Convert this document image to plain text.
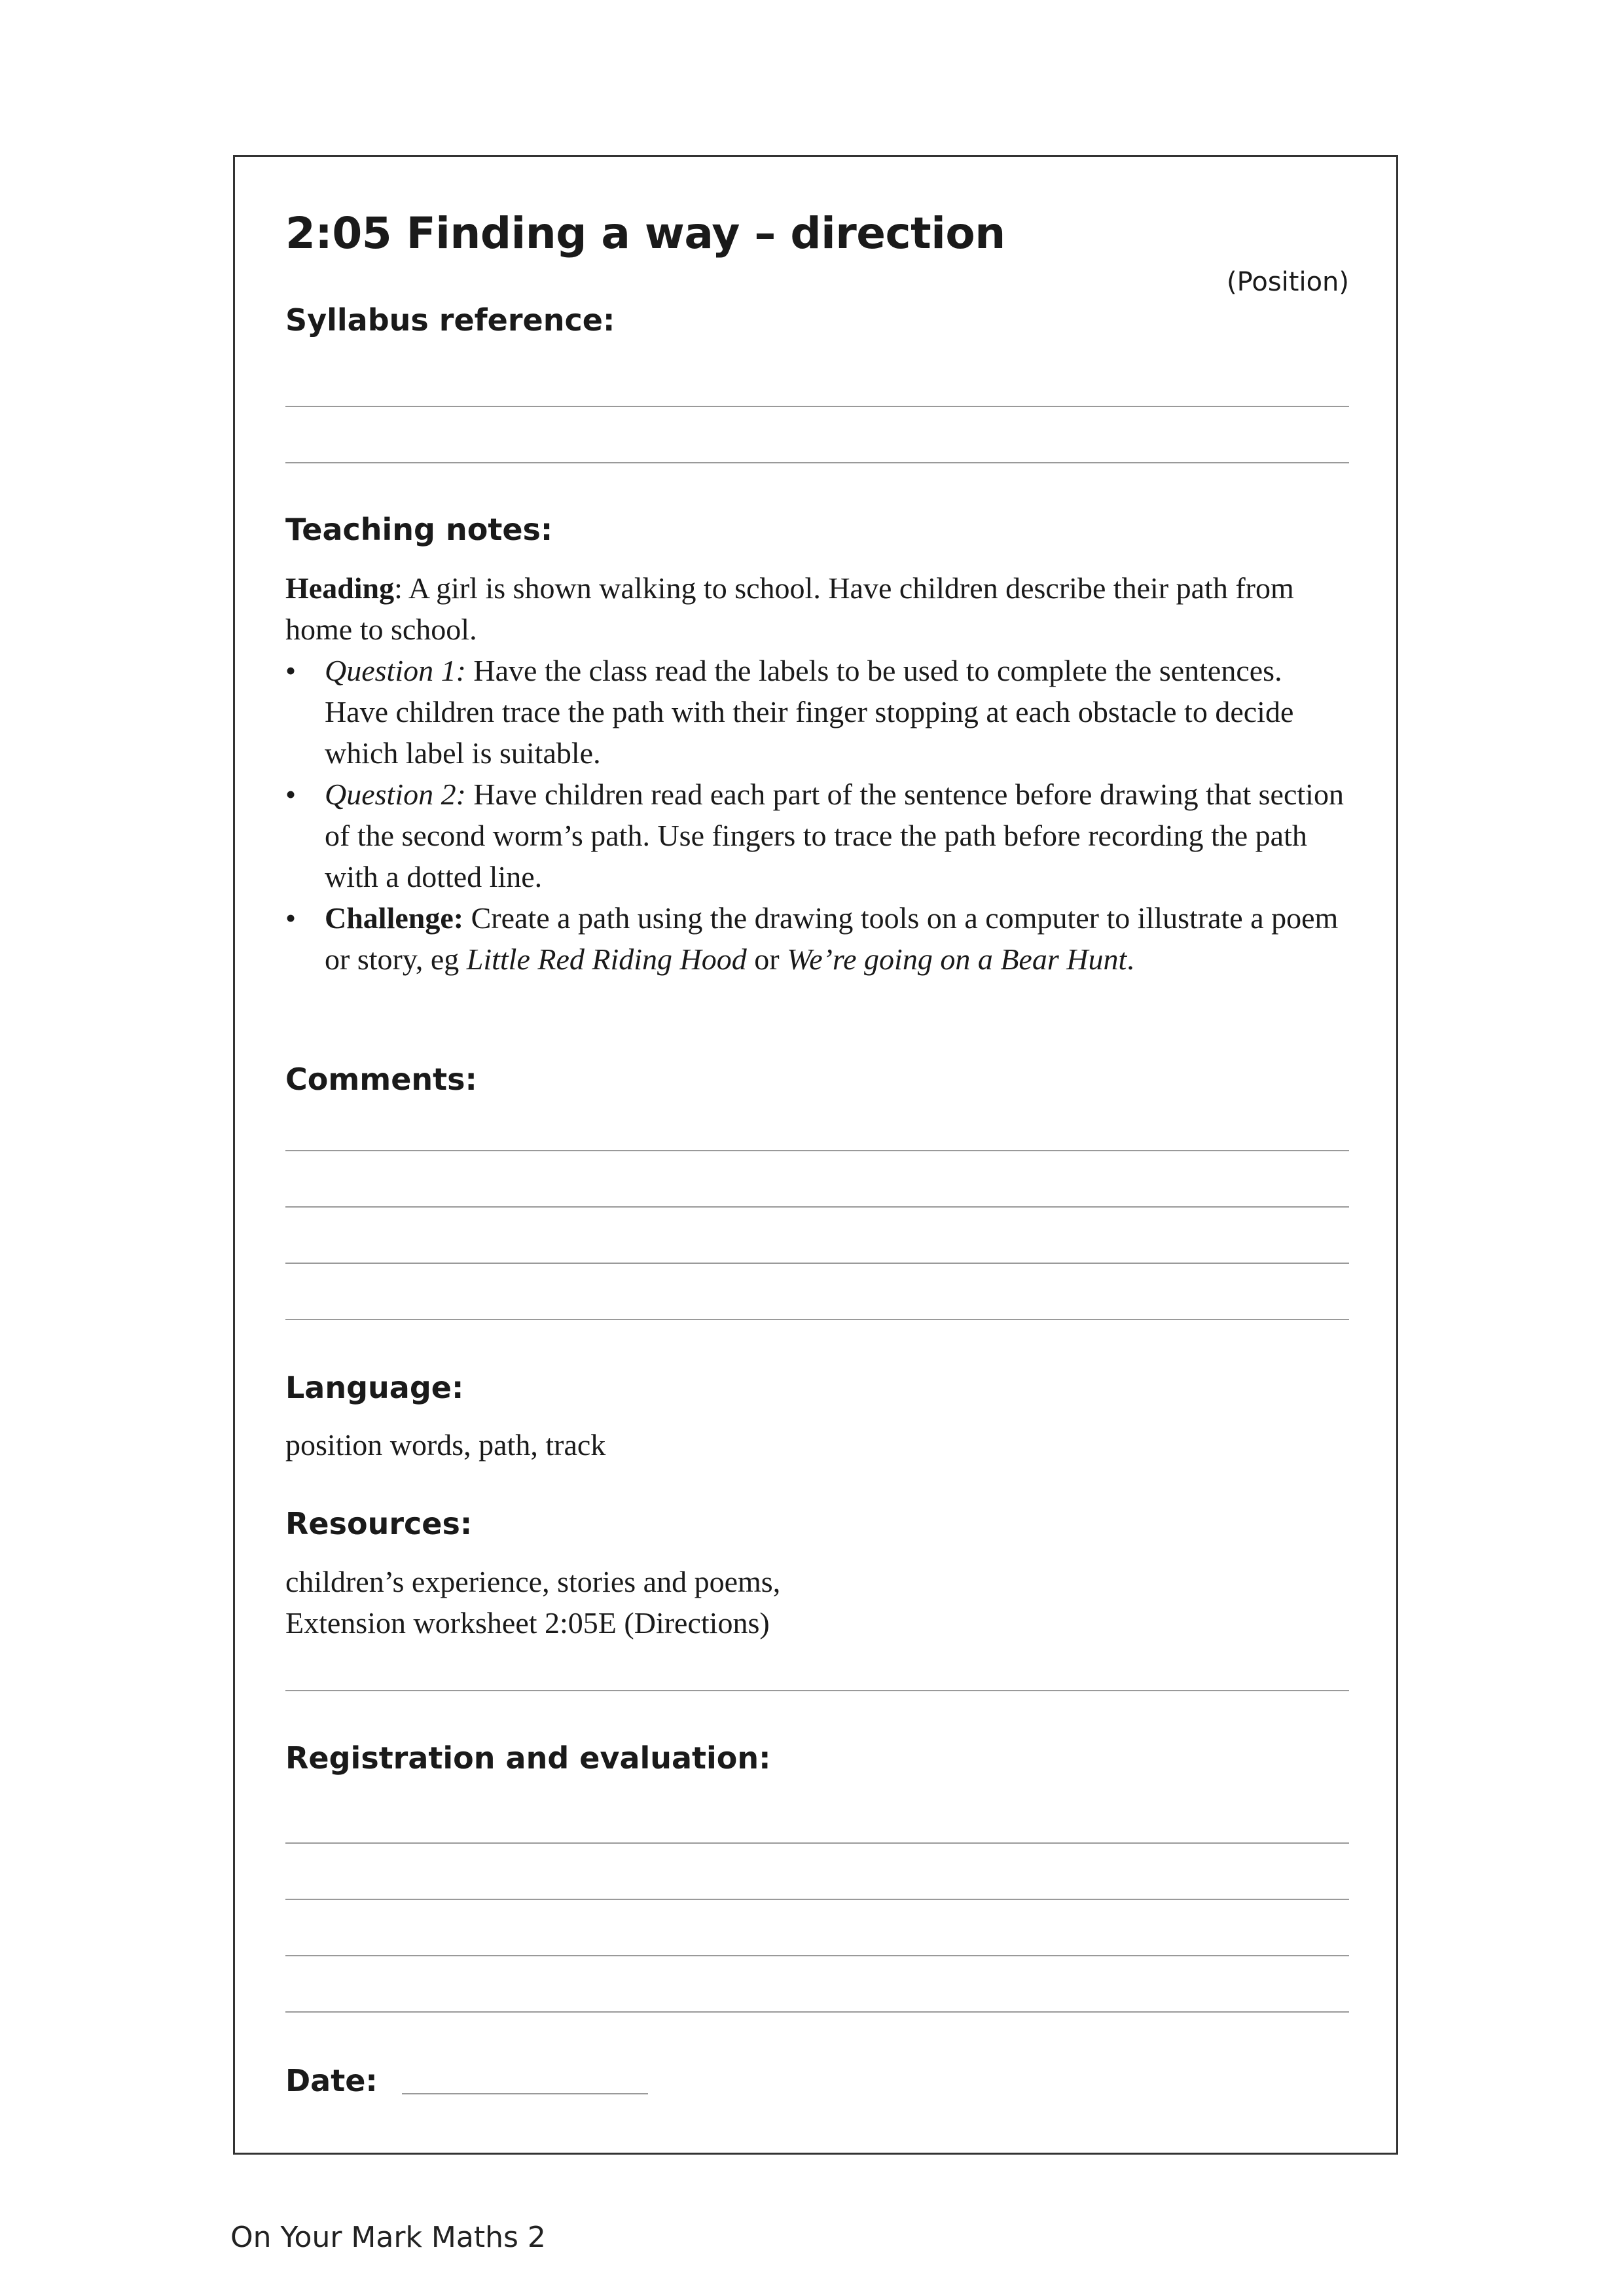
2:05 Finding a way – direction
(Position)
Syllabus reference:
Teaching notes:
Heading: A girl is shown walking to school. Have children describe their path from home to school.
• Question 1: Have the class read the labels to be used to complete the sentences.
Have children trace the path with their finger stopping at each obstacle to decide which label is suitable.
• Question 2: Have children read each part of the sentence before drawing that section of the second worm’s path. Use fingers to trace the path before recording the path with a dotted line.
• Challenge: Create a path using the drawing tools on a computer to illustrate a poem or story, eg Little Red Riding Hood or We’re going on a Bear Hunt.
Comments:
Language:
position words, path, track
Resources:
children’s experience, stories and poems,
Extension worksheet 2:05E (Directions)
Registration and evaluation:
Date:
On Your Mark Maths 2
